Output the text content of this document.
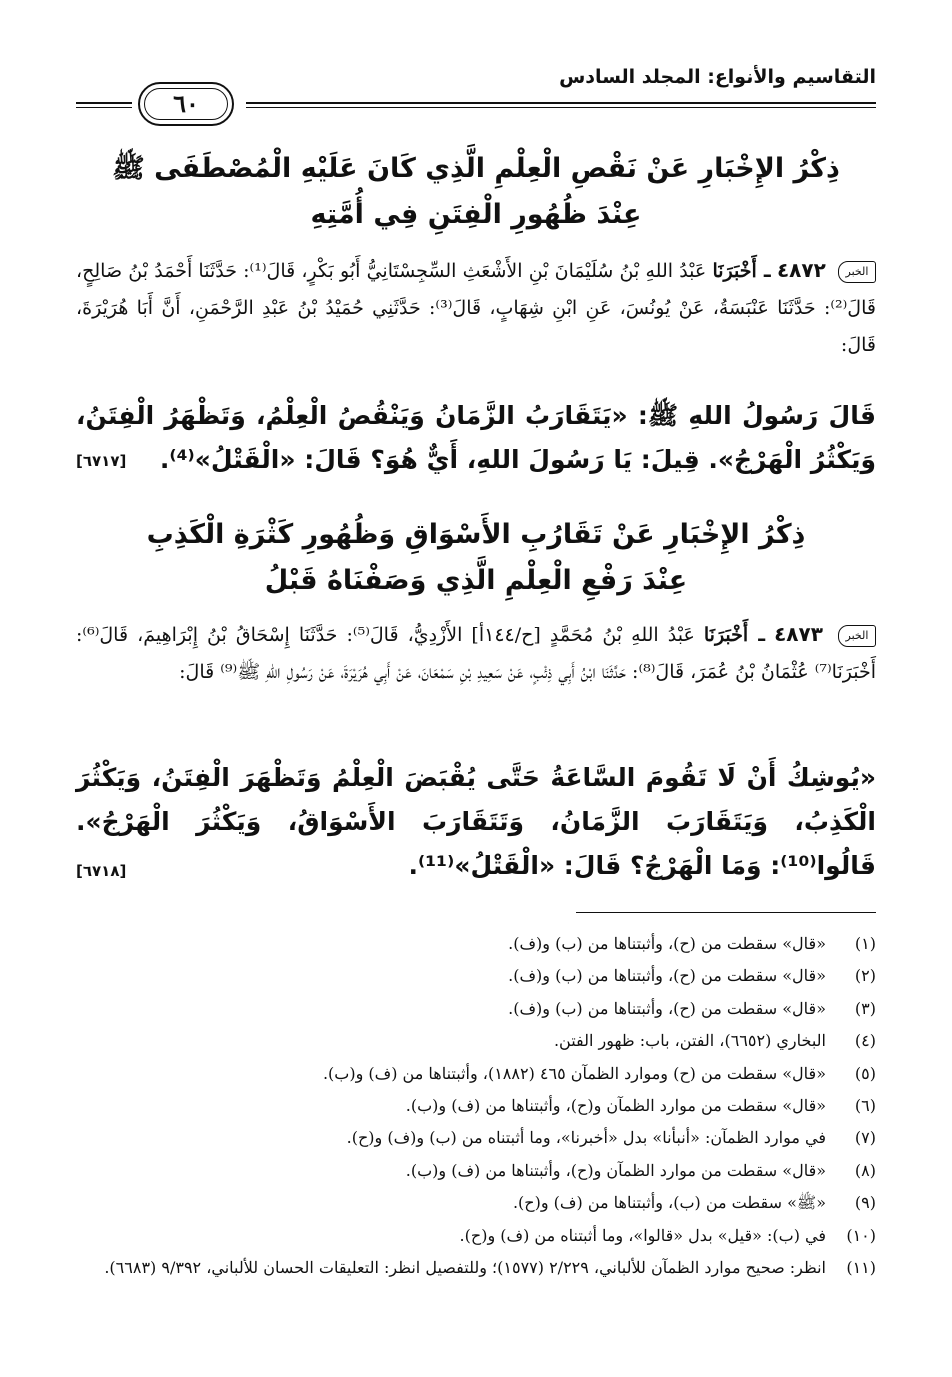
التقاسيم والأنواع: المجلد السادس
٦٠
ذِكْرُ الإِخْبَارِ عَنْ نَقْصِ الْعِلْمِ الَّذِي كَانَ عَلَيْهِ الْمُصْطَفَى ﷺ
عِنْدَ ظُهُورِ الْفِتَنِ فِي أُمَّتِهِ
الخبر ٤٨٧٢ ـ أَخْبَرَنَا عَبْدُ اللهِ بْنُ سُلَيْمَانَ بْنِ الأَشْعَثِ السِّجِسْتَانِيُّ أَبُو بَكْرٍ، قَالَ⁽¹⁾: حَدَّثَنَا أَحْمَدُ بْنُ صَالِحٍ، قَالَ⁽²⁾: حَدَّثَنَا عَنْبَسَةُ، عَنْ يُونُسَ، عَنِ ابْنِ شِهَابٍ، قَالَ⁽³⁾: حَدَّثَنِي حُمَيْدُ بْنُ عَبْدِ الرَّحْمَنِ، أَنَّ أَبَا هُرَيْرَةَ، قَالَ:
قَالَ رَسُولُ اللهِ ﷺ: «يَتَقَارَبُ الزَّمَانُ وَيَنْقُصُ الْعِلْمُ، وَتَظْهَرُ الْفِتَنُ، وَيَكْثُرُ الْهَرْجُ». قِيلَ: يَا رَسُولَ اللهِ، أَيٌّ هُوَ؟ قَالَ: «الْقَتْلُ»⁽⁴⁾.
[٦٧١٧]
ذِكْرُ الإِخْبَارِ عَنْ تَقَارُبِ الأَسْوَاقِ وَظُهُورِ كَثْرَةِ الْكَذِبِ
عِنْدَ رَفْعِ الْعِلْمِ الَّذِي وَصَفْنَاهُ قَبْلُ
الخبر ٤٨٧٣ ـ أَخْبَرَنَا عَبْدُ اللهِ بْنُ مُحَمَّدٍ [ح/١٤٤أ] الأَزْدِيُّ، قَالَ⁽⁵⁾: حَدَّثَنَا إِسْحَاقُ بْنُ إِبْرَاهِيمَ، قَالَ⁽⁶⁾: أَخْبَرَنَا⁽⁷⁾ عُثْمَانُ بْنُ عُمَرَ، قَالَ⁽⁸⁾: حَدَّثَنَا ابْنُ أَبِي ذِئْبٍ، عَنْ سَعِيدِ بْنِ سَمْعَانَ، عَنْ أَبِي هُرَيْرَةَ، عَنْ رَسُولِ اللهِ ﷺ⁽⁹⁾ قَالَ:
«يُوشِكُ أَنْ لَا تَقُومَ السَّاعَةُ حَتَّى يُقْبَضَ الْعِلْمُ وَتَظْهَرَ الْفِتَنُ، وَيَكْثُرَ الْكَذِبُ، وَيَتَقَارَبَ الزَّمَانُ، وَتَتَقَارَبَ الأَسْوَاقُ، وَيَكْثُرَ الْهَرْجُ». قَالُوا⁽¹⁰⁾: وَمَا الْهَرْجُ؟ قَالَ: «الْقَتْلُ»⁽¹¹⁾.
[٦٧١٨]
(١)
«قال» سقطت من (ح)، وأثبتناها من (ب) و(ف).
(٢)
«قال» سقطت من (ح)، وأثبتناها من (ب) و(ف).
(٣)
«قال» سقطت من (ح)، وأثبتناها من (ب) و(ف).
(٤)
البخاري (٦٦٥٢)، الفتن، باب: ظهور الفتن.
(٥)
«قال» سقطت من (ح) وموارد الظمآن ٤٦٥ (١٨٨٢)، وأثبتناها من (ف) و(ب).
(٦)
«قال» سقطت من موارد الظمآن و(ح)، وأثبتناها من (ف) و(ب).
(٧)
في موارد الظمآن: «أنبأنا» بدل «أخبرنا»، وما أثبتناه من (ب) و(ف) و(ح).
(٨)
«قال» سقطت من موارد الظمآن و(ح)، وأثبتناها من (ف) و(ب).
(٩)
«ﷺ» سقطت من (ب)، وأثبتناها من (ف) و(ح).
(١٠)
في (ب): «قيل» بدل «قالوا»، وما أثبتناه من (ف) و(ح).
(١١)
انظر: صحيح موارد الظمآن للألباني، ٢/٢٢٩ (١٥٧٧)؛ وللتفصيل انظر: التعليقات الحسان للألباني، ٩/٣٩٢ (٦٦٨٣).
